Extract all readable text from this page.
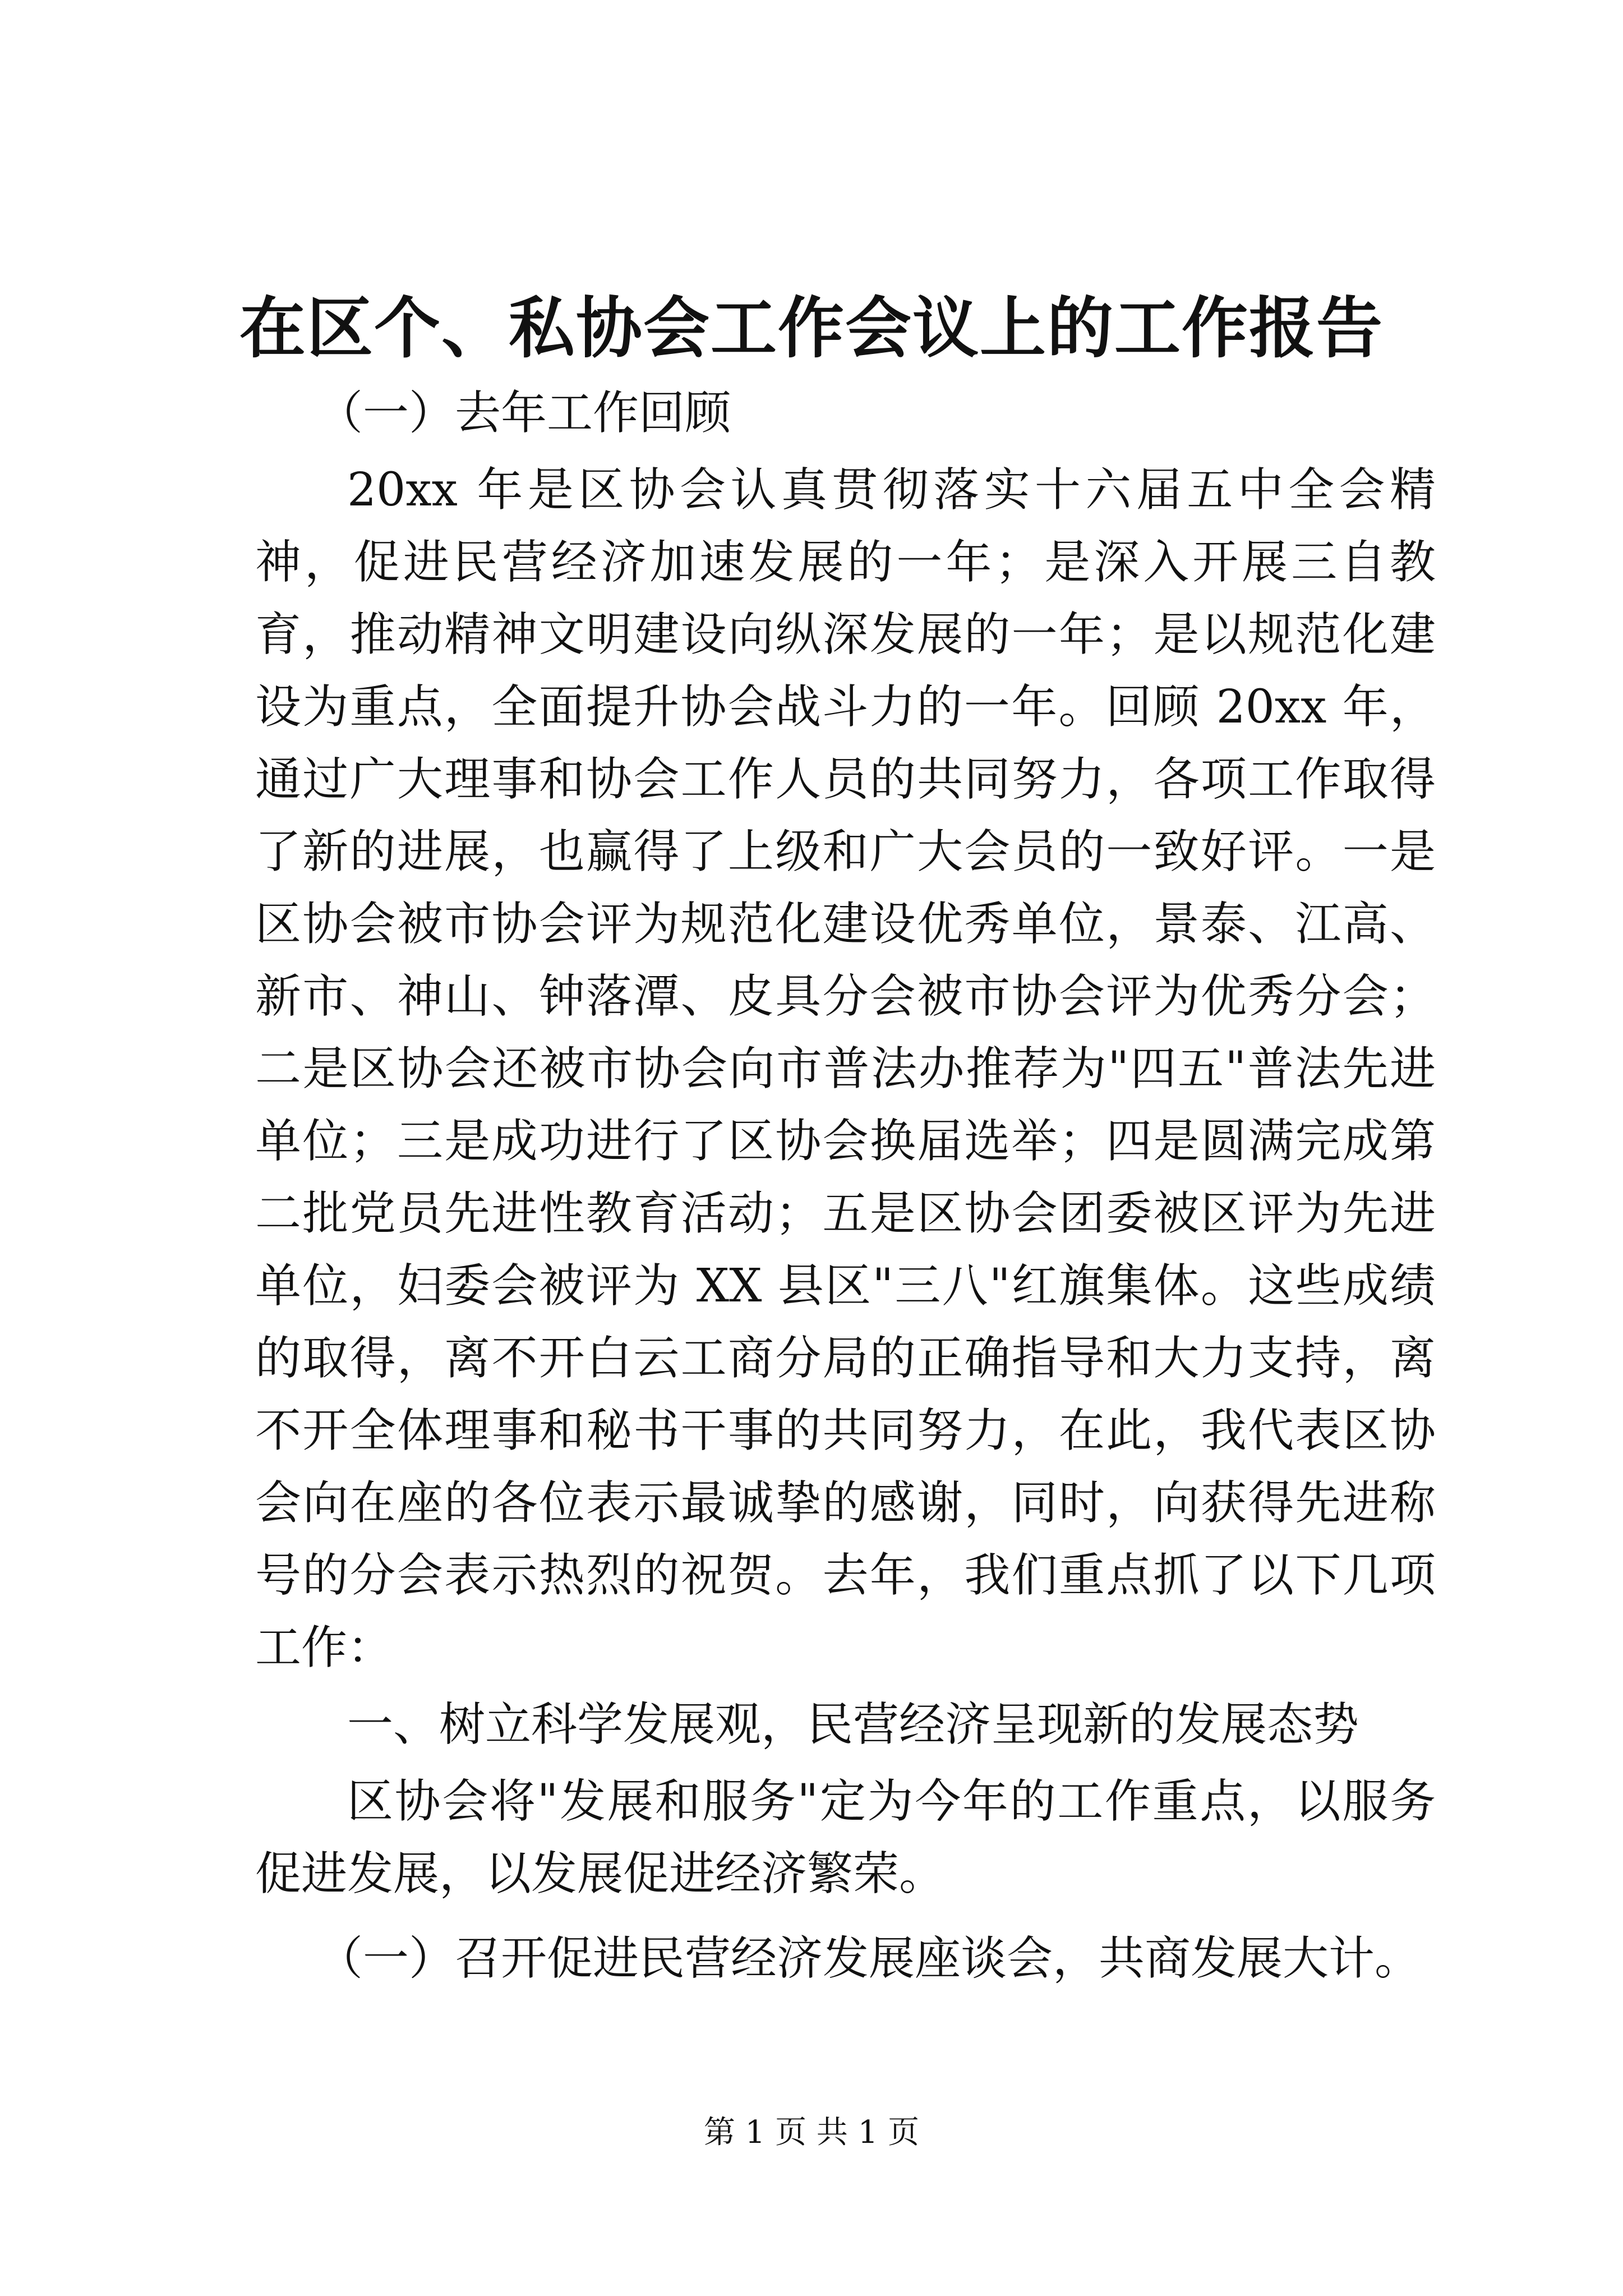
在区个、私协会工作会议上的工作报告

（一）去年工作回顾

20xx 年是区协会认真贯彻落实十六届五中全会精神，促进民营经济加速发展的一年；是深入开展三自教育，推动精神文明建设向纵深发展的一年；是以规范化建设为重点，全面提升协会战斗力的一年。回顾 20xx 年，通过广大理事和协会工作人员的共同努力，各项工作取得了新的进展，也赢得了上级和广大会员的一致好评。一是区协会被市协会评为规范化建设优秀单位，景泰、江高、新市、神山、钟落潭、皮具分会被市协会评为优秀分会；二是区协会还被市协会向市普法办推荐为"四五"普法先进单位；三是成功进行了区协会换届选举；四是圆满完成第二批党员先进性教育活动；五是区协会团委被区评为先进单位，妇委会被评为 XX 县区"三八"红旗集体。这些成绩的取得，离不开白云工商分局的正确指导和大力支持，离不开全体理事和秘书干事的共同努力，在此，我代表区协会向在座的各位表示最诚挚的感谢，同时，向获得先进称号的分会表示热烈的祝贺。去年，我们重点抓了以下几项工作：

一、树立科学发展观，民营经济呈现新的发展态势

区协会将"发展和服务"定为今年的工作重点，以服务促进发展，以发展促进经济繁荣。

（一）召开促进民营经济发展座谈会，共商发展大计。

第 1 页 共 1 页
